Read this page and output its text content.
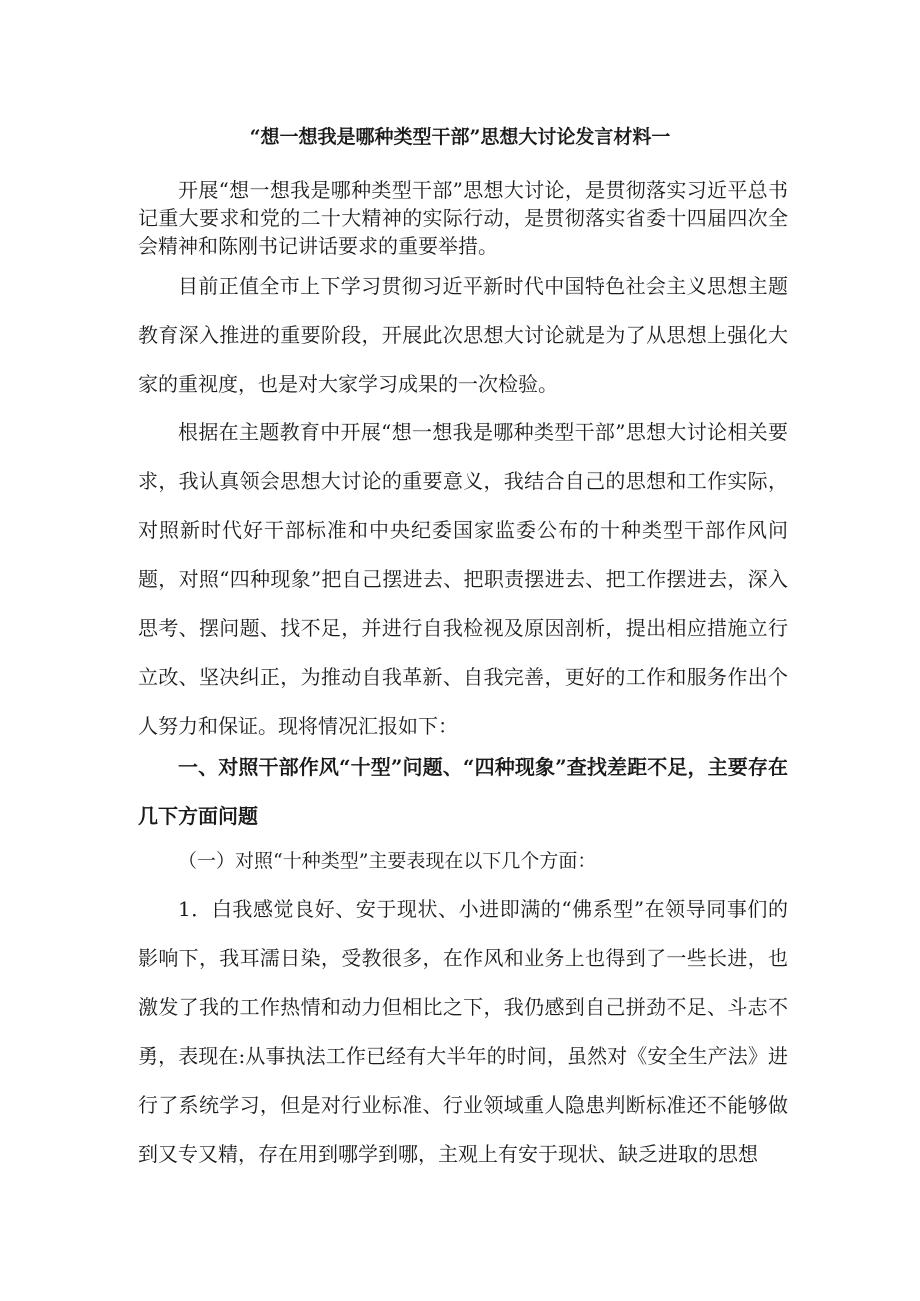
“想一想我是哪种类型干部”思想大讨论发言材料一

开展“想一想我是哪种类型干部”思想大讨论，是贯彻落实习近平总书记重大要求和党的二十大精神的实际行动，是贯彻落实省委十四届四次全会精神和陈刚书记讲话要求的重要举措。

目前正值全市上下学习贯彻习近平新时代中国特色社会主义思想主题教育深入推进的重要阶段，开展此次思想大讨论就是为了从思想上强化大家的重视度，也是对大家学习成果的一次检验。

根据在主题教育中开展“想一想我是哪种类型干部”思想大讨论相关要求，我认真领会思想大讨论的重要意义，我结合自己的思想和工作实际，对照新时代好干部标准和中央纪委国家监委公布的十种类型干部作风问题，对照“四种现象”把自己摆进去、把职责摆进去、把工作摆进去，深入思考、摆问题、找不足，并进行自我检视及原因剖析，提出相应措施立行立改、坚决纠正，为推动自我革新、自我完善，更好的工作和服务作出个人努力和保证。现将情况汇报如下：

一、对照干部作风“十型”问题、“四种现象”查找差距不足，主要存在几下方面问题

（一）对照“十种类型”主要表现在以下几个方面：

1．白我感觉良好、安于现状、小进即满的“佛系型”在领导同事们的影响下，我耳濡日染，受教很多，在作风和业务上也得到了一些长进，也激发了我的工作热情和动力但相比之下，我仍感到自己拼劲不足、斗志不勇，表现在:从事执法工作已经有大半年的时间，虽然对《安全生产法》进行了系统学习，但是对行业标准、行业领域重人隐患判断标准还不能够做到又专又精，存在用到哪学到哪，主观上有安于现状、缺乏进取的思想
